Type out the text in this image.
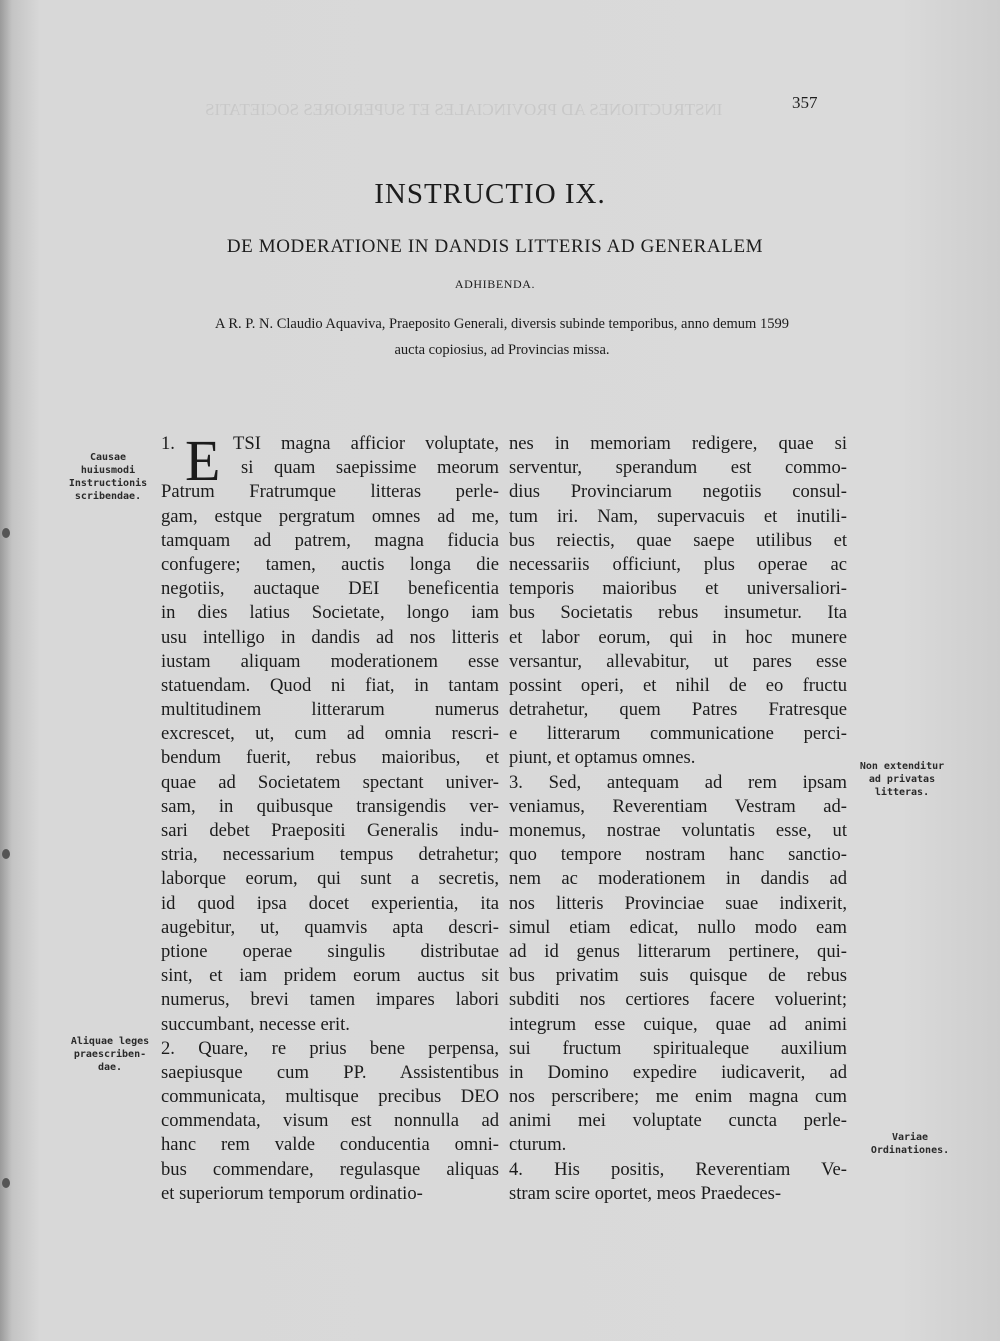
INSTRUCTIONES AD PROVINCIALES ET SUPERIORES SOCIETATIS	357
INSTRUCTIO IX.
DE MODERATIONE IN DANDIS LITTERIS AD GENERALEM
ADHIBENDA.
A R. P. N. Claudio Aquaviva, Praeposito Generali, diversis subinde temporibus, anno demum 1599
aucta copiosius, ad Provincias missa.
Causae
huiusmodi
Instructionis
scribendae.
Aliquae leges
praescriben-
dae.
Non extenditur
ad privatas
litteras.
Variae
Ordinationes.
E
1.	TSI magna afficior voluptate,
si quam saepissime meorum
Patrum Fratrumque litteras perle-
gam, estque pergratum omnes ad me,
tamquam ad patrem, magna fiducia
confugere; tamen, auctis longa die
negotiis, auctaque DEI beneficentia
in dies latius Societate, longo iam
usu intelligo in dandis ad nos litteris
iustam aliquam moderationem esse
statuendam. Quod ni fiat, in tantam
multitudinem litterarum numerus
excrescet, ut, cum ad omnia rescri-
bendum fuerit, rebus maioribus, et
quae ad Societatem spectant univer-
sam, in quibusque transigendis ver-
sari debet Praepositi Generalis indu-
stria, necessarium tempus detrahetur;
laborque eorum, qui sunt a secretis,
id quod ipsa docet experientia, ita
augebitur, ut, quamvis apta descri-
ptione operae singulis distributae
sint, et iam pridem eorum auctus sit
numerus, brevi tamen impares labori
succumbant, necesse erit.
2. Quare, re prius bene perpensa,
saepiusque cum PP. Assistentibus
communicata, multisque precibus DEO
commendata, visum est nonnulla ad
hanc rem valde conducentia omni-
bus commendare, regulasque aliquas
et superiorum temporum ordinatio-
nes in memoriam redigere, quae si
serventur, sperandum est commo-
dius Provinciarum negotiis consul-
tum iri. Nam, supervacuis et inutili-
bus reiectis, quae saepe utilibus et
necessariis officiunt, plus operae ac
temporis maioribus et universaliori-
bus Societatis rebus insumetur. Ita
et labor eorum, qui in hoc munere
versantur, allevabitur, ut pares esse
possint operi, et nihil de eo fructu
detrahetur, quem Patres Fratresque
e litterarum communicatione perci-
piunt, et optamus omnes.
3. Sed, antequam ad rem ipsam
veniamus, Reverentiam Vestram ad-
monemus, nostrae voluntatis esse, ut
quo tempore nostram hanc sanctio-
nem ac moderationem in dandis ad
nos litteris Provinciae suae indixerit,
simul etiam edicat, nullo modo eam
ad id genus litterarum pertinere, qui-
bus privatim suis quisque de rebus
subditi nos certiores facere voluerint;
integrum esse cuique, quae ad animi
sui fructum spiritualeque auxilium
in Domino expedire iudicaverit, ad
nos perscribere; me enim magna cum
animi mei voluptate cuncta perle-
cturum.
4. His positis, Reverentiam Ve-
stram scire oportet, meos Praedeces-
